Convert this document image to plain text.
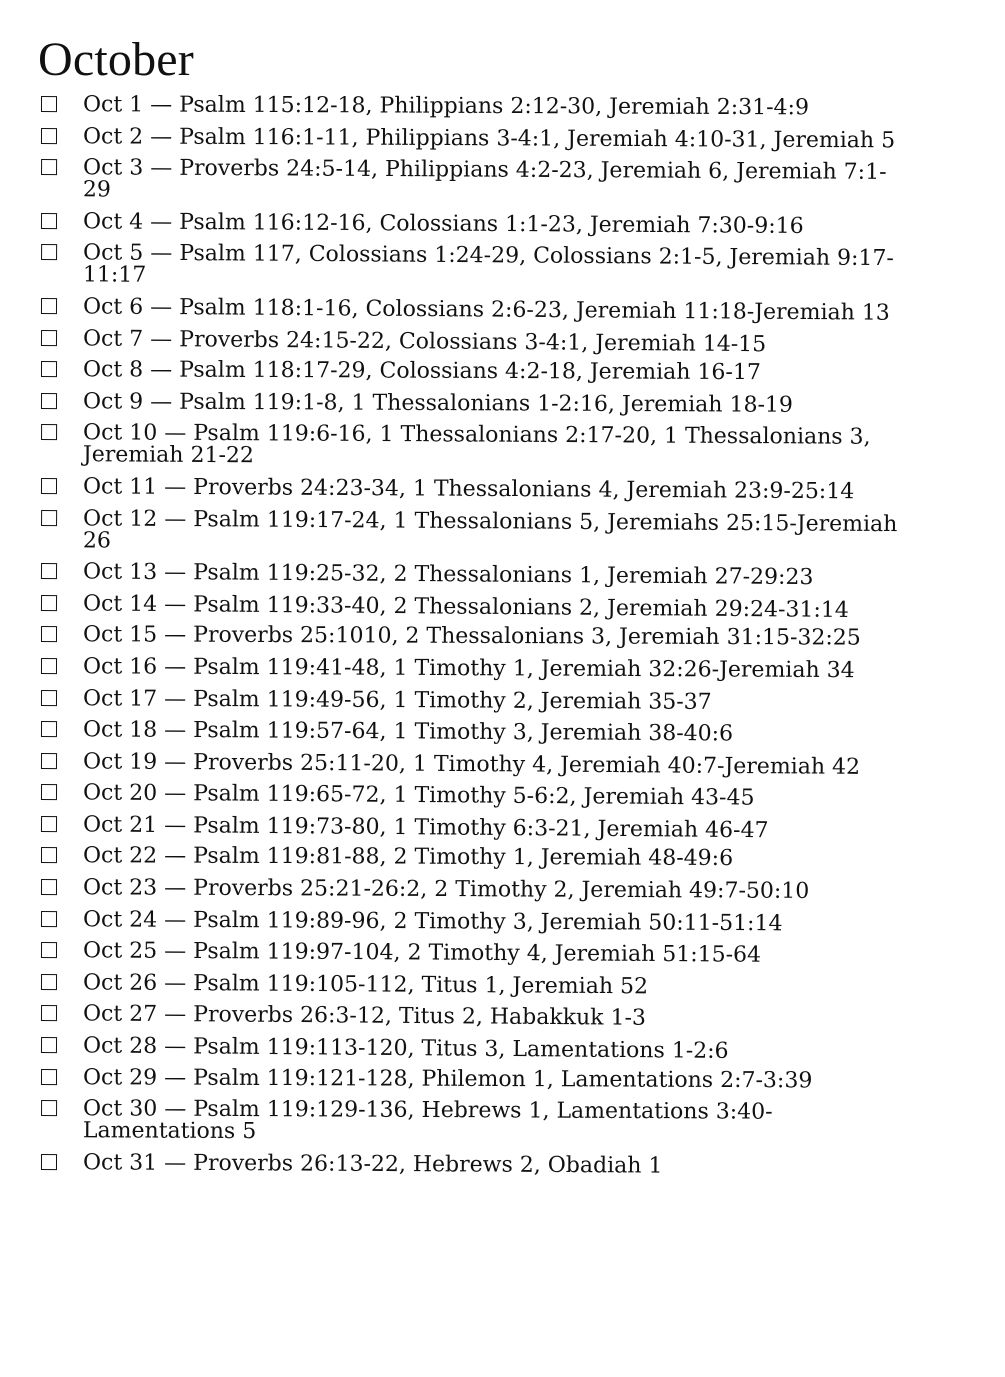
October
Oct 1 — Psalm 115:12-18, Philippians 2:12-30, Jeremiah 2:31-4:9
Oct 2 — Psalm 116:1-11, Philippians 3-4:1, Jeremiah 4:10-31, Jeremiah 5
Oct 3 — Proverbs 24:5-14, Philippians 4:2-23, Jeremiah 6, Jeremiah 7:1-29
Oct 4 — Psalm 116:12-16, Colossians 1:1-23, Jeremiah 7:30-9:16
Oct 5 — Psalm 117, Colossians 1:24-29, Colossians 2:1-5, Jeremiah 9:17-11:17
Oct 6 — Psalm 118:1-16, Colossians 2:6-23, Jeremiah 11:18-Jeremiah 13
Oct 7 — Proverbs 24:15-22, Colossians 3-4:1, Jeremiah 14-15
Oct 8 — Psalm 118:17-29, Colossians 4:2-18, Jeremiah 16-17
Oct 9 — Psalm 119:1-8, 1 Thessalonians 1-2:16, Jeremiah 18-19
Oct 10 — Psalm 119:6-16, 1 Thessalonians 2:17-20, 1 Thessalonians 3, Jeremiah 21-22
Oct 11 — Proverbs 24:23-34, 1 Thessalonians 4, Jeremiah 23:9-25:14
Oct 12 — Psalm 119:17-24, 1 Thessalonians 5, Jeremiahs 25:15-Jeremiah 26
Oct 13 — Psalm 119:25-32, 2 Thessalonians 1, Jeremiah 27-29:23
Oct 14 — Psalm 119:33-40, 2 Thessalonians 2, Jeremiah 29:24-31:14
Oct 15 — Proverbs 25:1010, 2 Thessalonians 3, Jeremiah 31:15-32:25
Oct 16 — Psalm 119:41-48, 1 Timothy 1, Jeremiah 32:26-Jeremiah 34
Oct 17 — Psalm 119:49-56, 1 Timothy 2, Jeremiah 35-37
Oct 18 — Psalm 119:57-64, 1 Timothy 3, Jeremiah 38-40:6
Oct 19 — Proverbs 25:11-20, 1 Timothy 4, Jeremiah 40:7-Jeremiah 42
Oct 20 — Psalm 119:65-72, 1 Timothy 5-6:2, Jeremiah 43-45
Oct 21 — Psalm 119:73-80, 1 Timothy 6:3-21, Jeremiah 46-47
Oct 22 — Psalm 119:81-88, 2 Timothy 1, Jeremiah 48-49:6
Oct 23 — Proverbs 25:21-26:2, 2 Timothy 2, Jeremiah 49:7-50:10
Oct 24 — Psalm 119:89-96, 2 Timothy 3, Jeremiah 50:11-51:14
Oct 25 — Psalm 119:97-104, 2 Timothy 4, Jeremiah 51:15-64
Oct 26 — Psalm 119:105-112, Titus 1, Jeremiah 52
Oct 27 — Proverbs 26:3-12, Titus 2, Habakkuk 1-3
Oct 28 — Psalm 119:113-120, Titus 3, Lamentations 1-2:6
Oct 29 — Psalm 119:121-128, Philemon 1, Lamentations 2:7-3:39
Oct 30 — Psalm 119:129-136, Hebrews 1, Lamentations 3:40-Lamentations 5
Oct 31 — Proverbs 26:13-22, Hebrews 2, Obadiah 1
